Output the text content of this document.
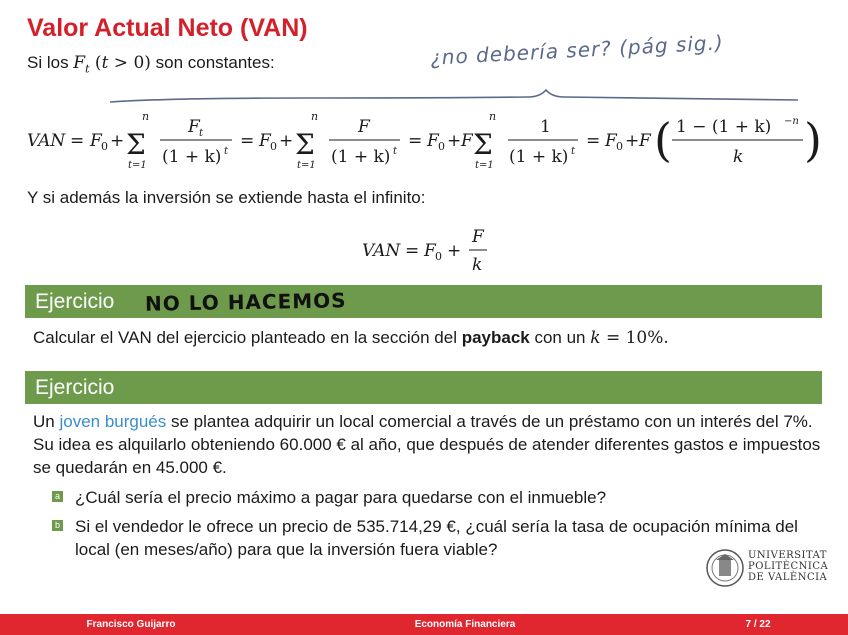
Valor Actual Neto (VAN)
Si los $F_t$ (t > 0) son constantes:	¿no debería ser? (pág sig.)
VAN = F 0 +
n
Σ
t=1
F t
(1 + k) t
= F 0 +
n
Σ
t=1
F
(1 + k) t
= F 0 + F
n
Σ
t=1
1
(1 + k) t
= F 0 + F ( 1 − (1 + k) −n
k )
Y si además la inversión se extiende hasta el infinito:
VAN = F 0 +
F
k
Ejercicio	NO LO HACEMOS
Calcular el VAN del ejercicio planteado en la sección del payback con un k = 10%.
Ejercicio
Un joven burgués se plantea adquirir un local comercial a través de un préstamo con un interés del 7%. Su idea es alquilarlo obteniendo 60.000 € al año, que después de atender diferentes gastos e impuestos se quedarán en 45.000 €.
a ¿Cuál sería el precio máximo a pagar para quedarse con el inmueble?
b Si el vendedor le ofrece un precio de 535.714,29 €, ¿cuál sería la tasa de ocupación mínima del local (en meses/año) para que la inversión fuera viable?	UNIVERSITAT
POLITÈCNICA
DE VALÈNCIA
Francisco Guijarro	Economía Financiera	7 / 22
